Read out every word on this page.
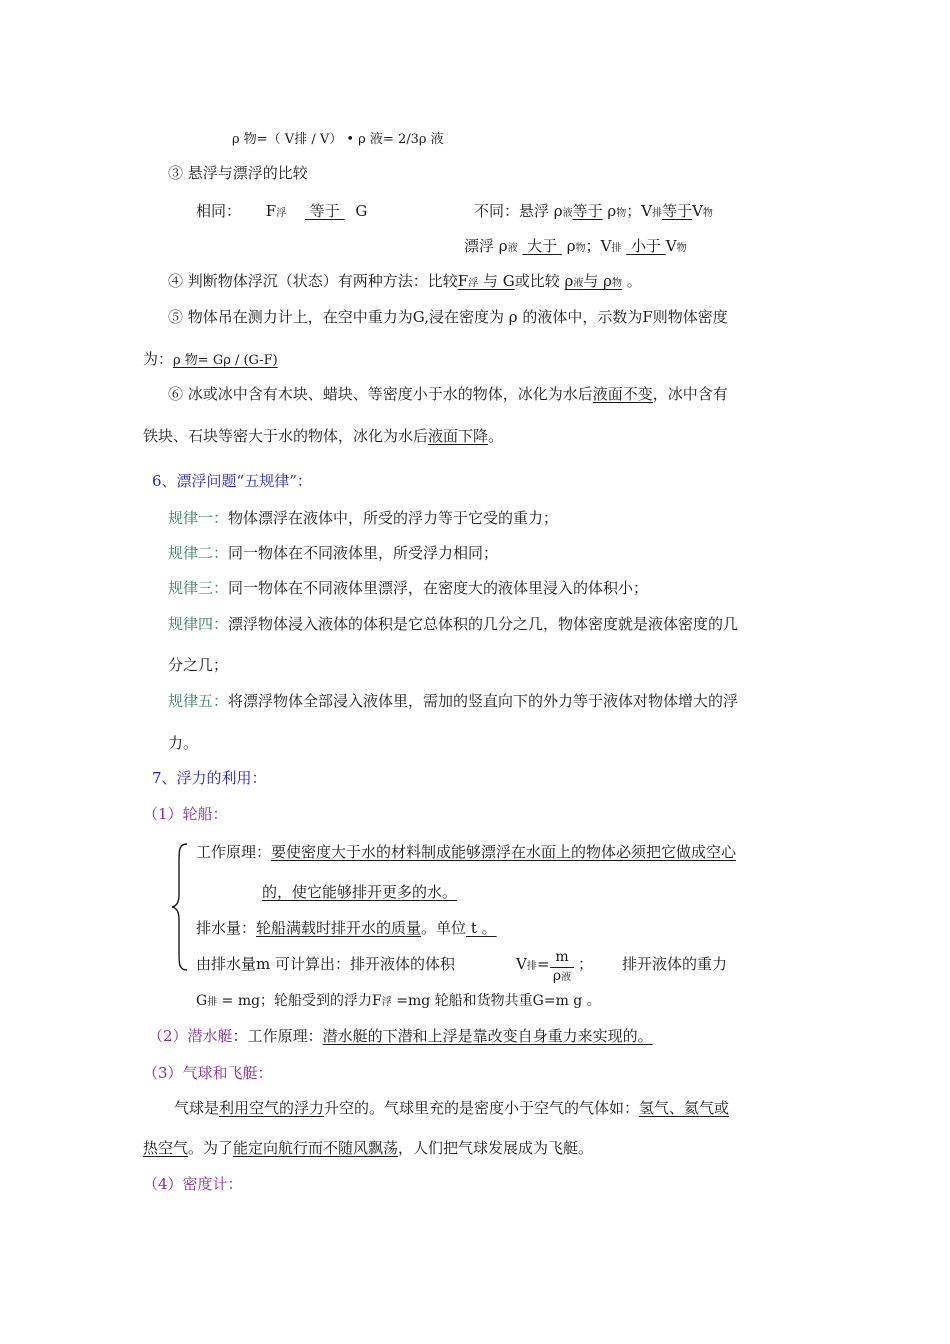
ρ 物=（ V排 / V） • ρ 液= 2/3ρ 液
③ 悬浮与漂浮的比较
相同： F浮 等于 G	不同：悬浮 ρ液等于 ρ物；V排等于V物
漂浮 ρ液 大于 ρ物；V排 小于 V物
④ 判断物体浮沉（状态）有两种方法：比较F浮 与 G或比较 ρ液与 ρ物 。
⑤ 物体吊在测力计上，在空中重力为G,浸在密度为 ρ 的液体中，示数为F则物体密度
为：ρ 物= Gρ / (G-F)
⑥ 冰或冰中含有木块、蜡块、等密度小于水的物体，冰化为水后液面不变，冰中含有
铁块、石块等密大于水的物体，冰化为水后液面下降。
6、漂浮问题“五规律”：
规律一：物体漂浮在液体中，所受的浮力等于它受的重力；
规律二：同一物体在不同液体里，所受浮力相同；
规律三：同一物体在不同液体里漂浮，在密度大的液体里浸入的体积小；
规律四：漂浮物体浸入液体的体积是它总体积的几分之几，物体密度就是液体密度的几
分之几；
规律五：将漂浮物体全部浸入液体里，需加的竖直向下的外力等于液体对物体增大的浮
力。
7、浮力的利用：
（1）轮船：
工作原理：要使密度大于水的材料制成能够漂浮在水面上的物体必须把它做成空心
的，使它能够排开更多的水。
排水量：轮船满载时排开水的质量。单位 t 。
由排水量m 可计算出：排开液体的体积	V排= m
ρ液
； 排开液体的重力
G排 = mg；轮船受到的浮力F浮 =mg 轮船和货物共重G=m g 。
（2）潜水艇：工作原理：潜水艇的下潜和上浮是靠改变自身重力来实现的。
（3）气球和飞艇：
气球是利用空气的浮力升空的。气球里充的是密度小于空气的气体如：氢气、氦气或
热空气。为了能定向航行而不随风飘荡，人们把气球发展成为飞艇。
（4）密度计：
